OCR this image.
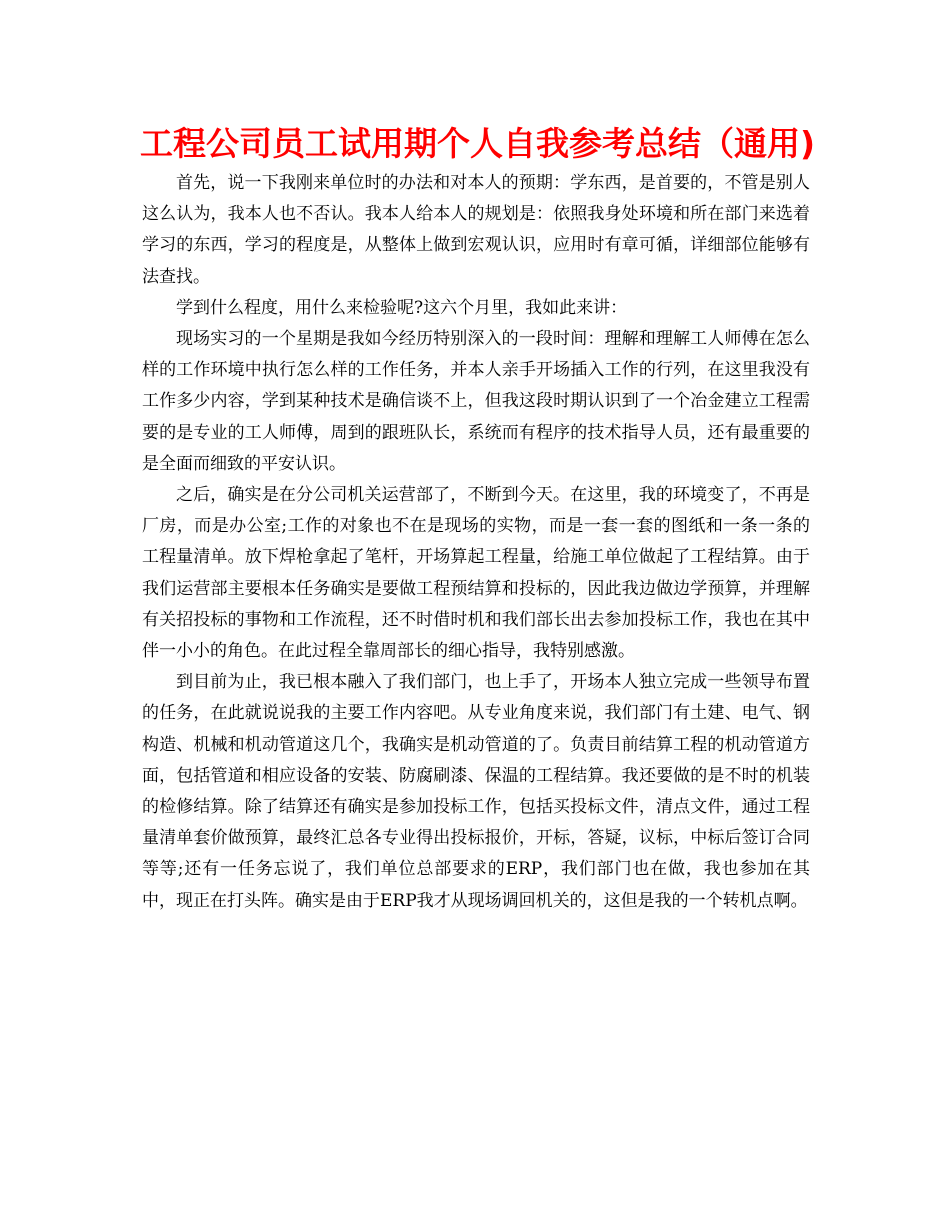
工程公司员工试用期个人自我参考总结（通用)

首先，说一下我刚来单位时的办法和对本人的预期：学东西，是首要的，不管是别人这么认为，我本人也不否认。我本人给本人的规划是：依照我身处环境和所在部门来选着学习的东西，学习的程度是，从整体上做到宏观认识，应用时有章可循，详细部位能够有法查找。

学到什么程度，用什么来检验呢?这六个月里，我如此来讲：

现场实习的一个星期是我如今经历特别深入的一段时间：理解和理解工人师傅在怎么样的工作环境中执行怎么样的工作任务，并本人亲手开场插入工作的行列，在这里我没有工作多少内容，学到某种技术是确信谈不上，但我这段时期认识到了一个冶金建立工程需要的是专业的工人师傅，周到的跟班队长，系统而有程序的技术指导人员，还有最重要的是全面而细致的平安认识。

之后，确实是在分公司机关运营部了，不断到今天。在这里，我的环境变了，不再是厂房，而是办公室;工作的对象也不在是现场的实物，而是一套一套的图纸和一条一条的工程量清单。放下焊枪拿起了笔杆，开场算起工程量，给施工单位做起了工程结算。由于我们运营部主要根本任务确实是要做工程预结算和投标的，因此我边做边学预算，并理解有关招投标的事物和工作流程，还不时借时机和我们部长出去参加投标工作，我也在其中伴一小小的角色。在此过程全靠周部长的细心指导，我特别感激。

到目前为止，我已根本融入了我们部门，也上手了，开场本人独立完成一些领导布置的任务，在此就说说我的主要工作内容吧。从专业角度来说，我们部门有土建、电气、钢构造、机械和机动管道这几个，我确实是机动管道的了。负责目前结算工程的机动管道方面，包括管道和相应设备的安装、防腐刷漆、保温的工程结算。我还要做的是不时的机装的检修结算。除了结算还有确实是参加投标工作，包括买投标文件，清点文件，通过工程量清单套价做预算，最终汇总各专业得出投标报价，开标，答疑，议标，中标后签订合同等等;还有一任务忘说了，我们单位总部要求的ERP，我们部门也在做，我也参加在其中，现正在打头阵。确实是由于ERP我才从现场调回机关的，这但是我的一个转机点啊。
